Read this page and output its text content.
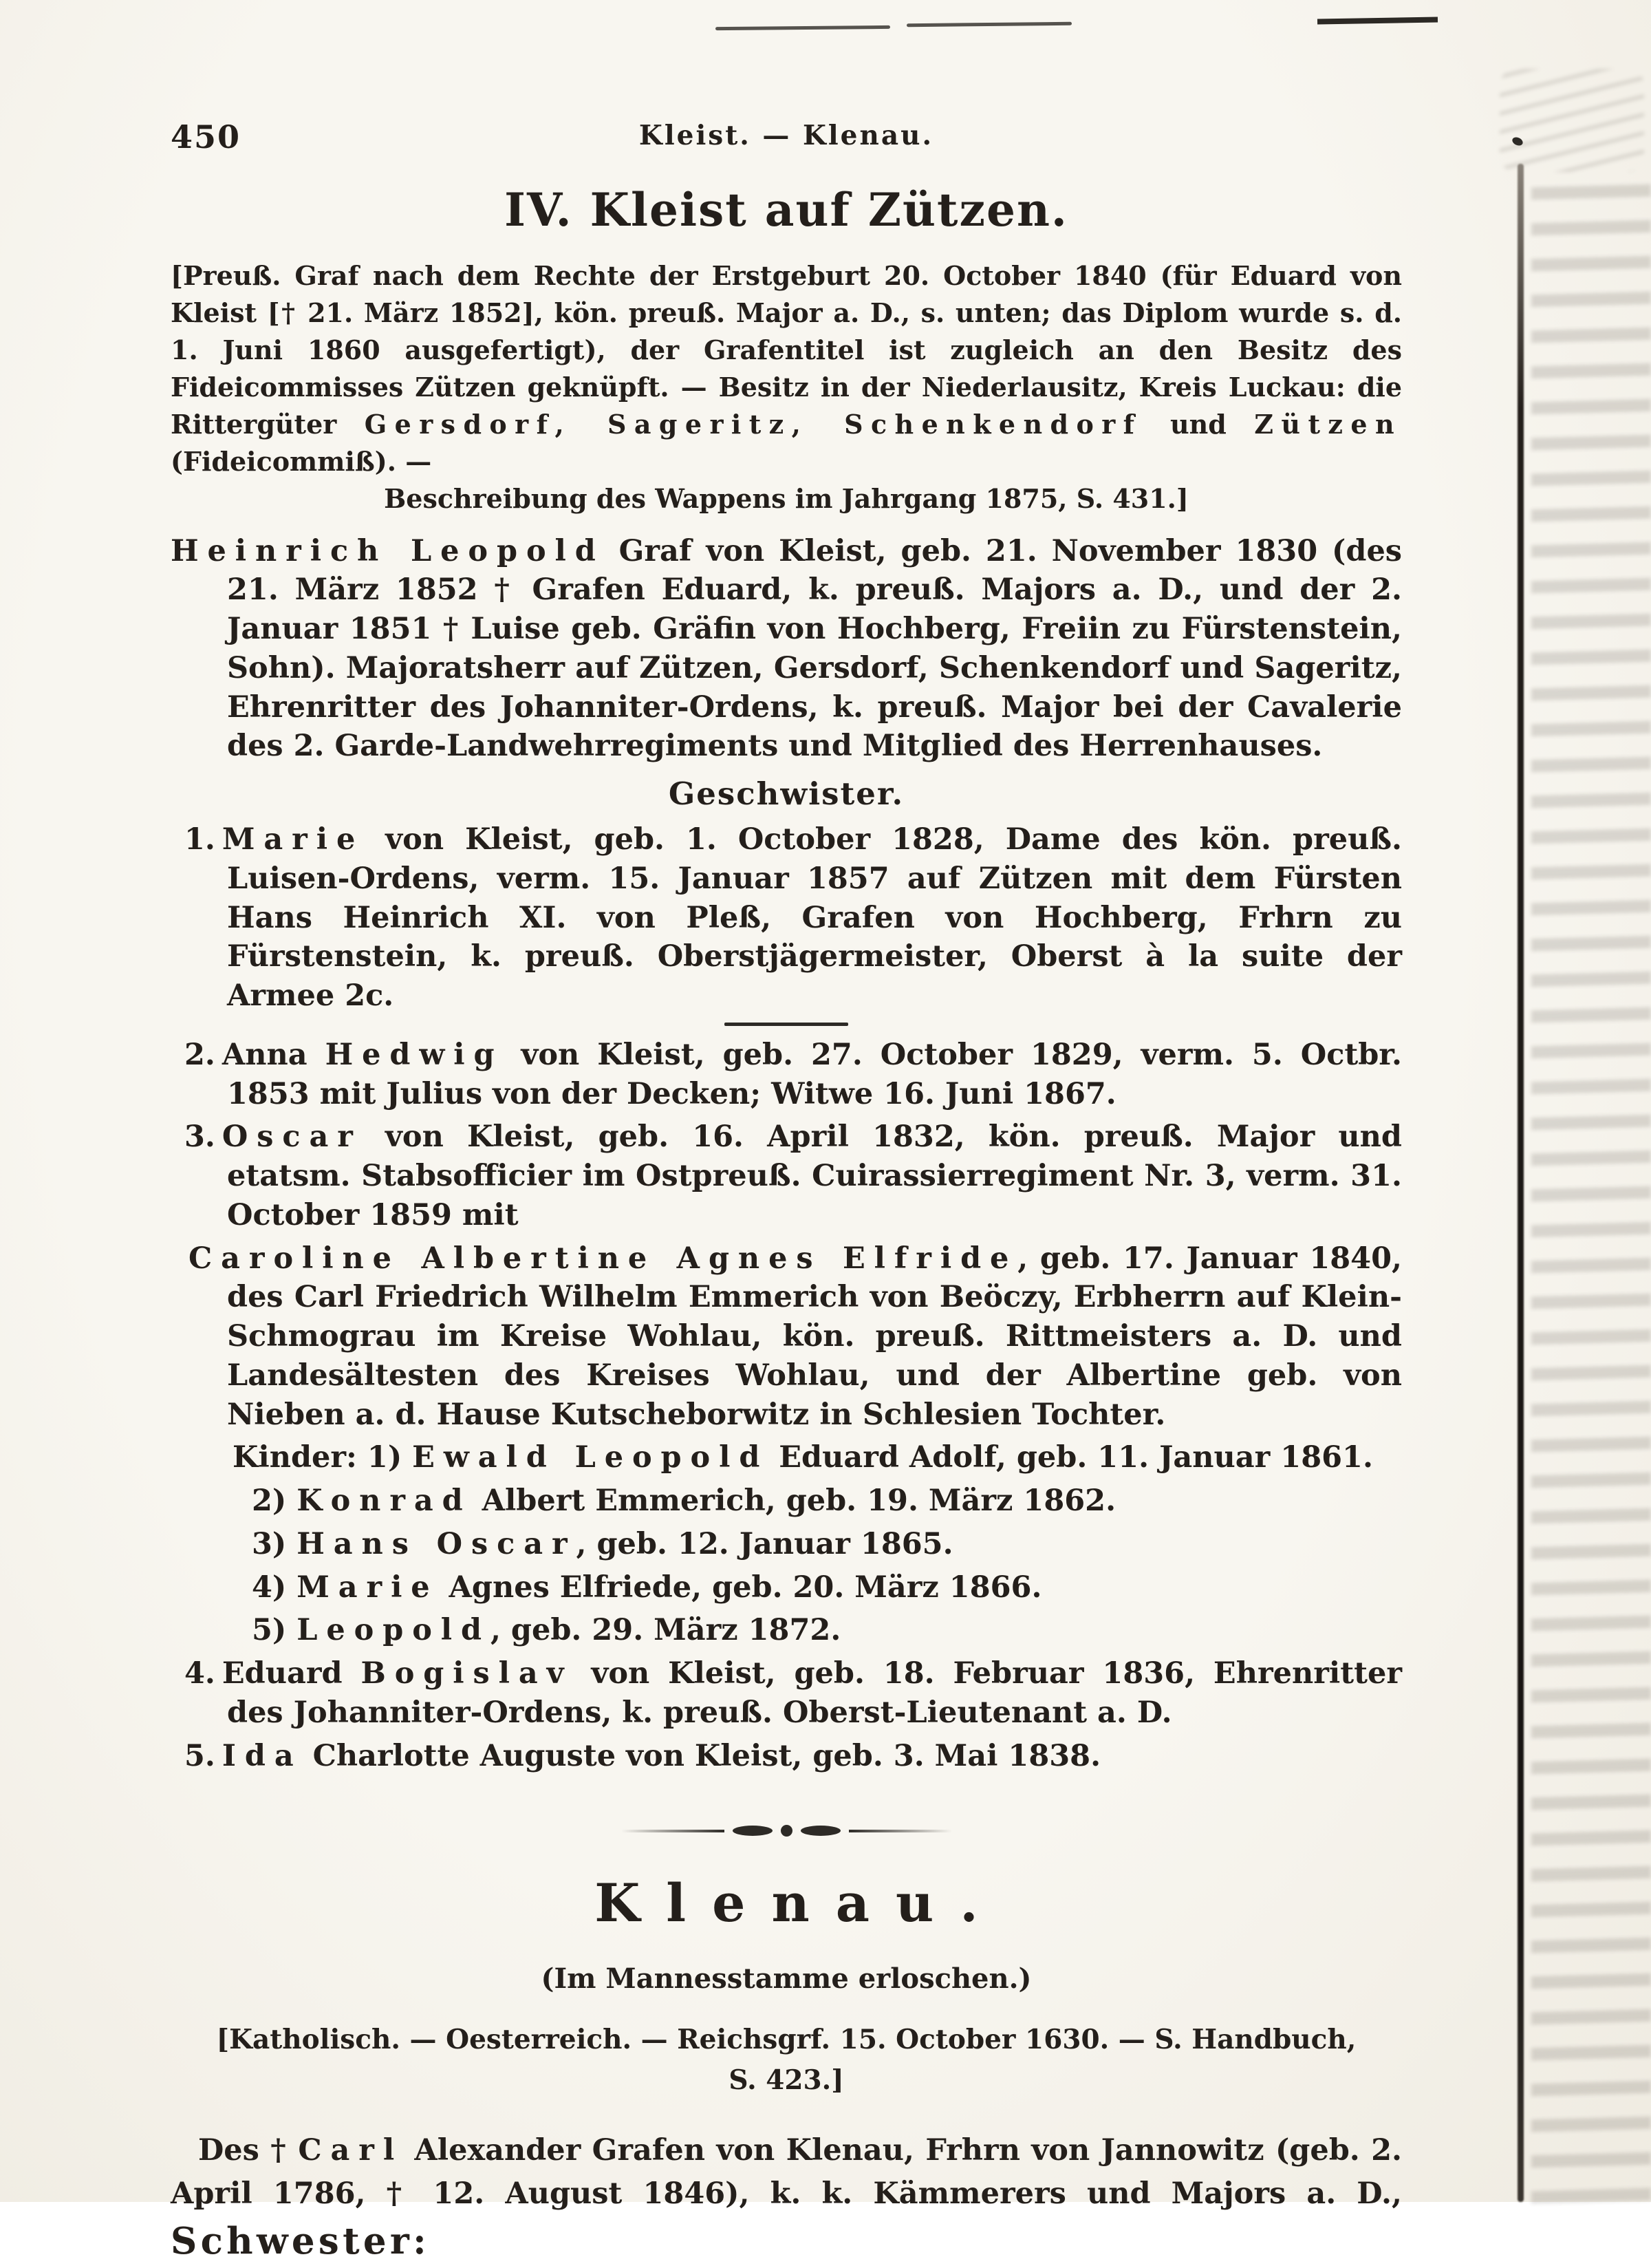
450	Kleist. — Klenau.
IV. Kleist auf Zützen.

[Preuß. Graf nach dem Rechte der Erstgeburt 20. October 1840 (für Eduard von Kleist [† 21. März 1852], kön. preuß. Major a. D., s. unten; das Diplom wurde s. d. 1. Juni 1860 ausgefertigt), der Grafentitel ist zugleich an den Besitz des Fideicommisses Zützen geknüpft. — Besitz in der Niederlausitz, Kreis Luckau: die Rittergüter Gersdorf, Sageritz, Schenkendorf und Zützen (Fideicommiß). —

Beschreibung des Wappens im Jahrgang 1875, S. 431.]

Heinrich Leopold Graf von Kleist, geb. 21. November 1830 (des 21. März 1852 † Grafen Eduard, k. preuß. Majors a. D., und der 2. Januar 1851 † Luise geb. Gräfin von Hochberg, Freiin zu Fürstenstein, Sohn). Majoratsherr auf Zützen, Gersdorf, Schenkendorf und Sageritz, Ehrenritter des Johanniter-Ordens, k. preuß. Major bei der Cavalerie des 2. Garde-Landwehrregiments und Mitglied des Herrenhauses.

Geschwister.
1. Marie von Kleist, geb. 1. October 1828, Dame des kön. preuß. Luisen-Ordens, verm. 15. Januar 1857 auf Zützen mit dem Fürsten Hans Heinrich XI. von Pleß, Grafen von Hochberg, Frhrn zu Fürstenstein, k. preuß. Oberstjägermeister, Oberst à la suite der Armee 2c.
2. Anna Hedwig von Kleist, geb. 27. October 1829, verm. 5. Octbr. 1853 mit Julius von der Decken; Witwe 16. Juni 1867.
3. Oscar von Kleist, geb. 16. April 1832, kön. preuß. Major und etatsm. Stabsofficier im Ostpreuß. Cuirassierregiment Nr. 3, verm. 31. October 1859 mit
Caroline Albertine Agnes Elfride, geb. 17. Januar 1840, des Carl Friedrich Wilhelm Emmerich von Beöczy, Erbherrn auf Klein-Schmograu im Kreise Wohlau, kön. preuß. Rittmeisters a. D. und Landesältesten des Kreises Wohlau, und der Albertine geb. von Nieben a. d. Hause Kutscheborwitz in Schlesien Tochter.
Kinder: 1) Ewald Leopold Eduard Adolf, geb. 11. Januar 1861.
2) Konrad Albert Emmerich, geb. 19. März 1862.
3) Hans Oscar, geb. 12. Januar 1865.
4) Marie Agnes Elfriede, geb. 20. März 1866.
5) Leopold, geb. 29. März 1872.
4. Eduard Bogislav von Kleist, geb. 18. Februar 1836, Ehrenritter des Johanniter-Ordens, k. preuß. Oberst-Lieutenant a. D.
5. Ida Charlotte Auguste von Kleist, geb. 3. Mai 1838.
Klenau.
(Im Mannesstamme erloschen.)
[Katholisch. — Oesterreich. — Reichsgrf. 15. October 1630. — S. Handbuch,
S. 423.]

Des † Carl Alexander Grafen von Klenau, Frhrn von Jannowitz (geb. 2. April 1786, † 12. August 1846), k. k. Kämmerers und Majors a. D., Schwester:
